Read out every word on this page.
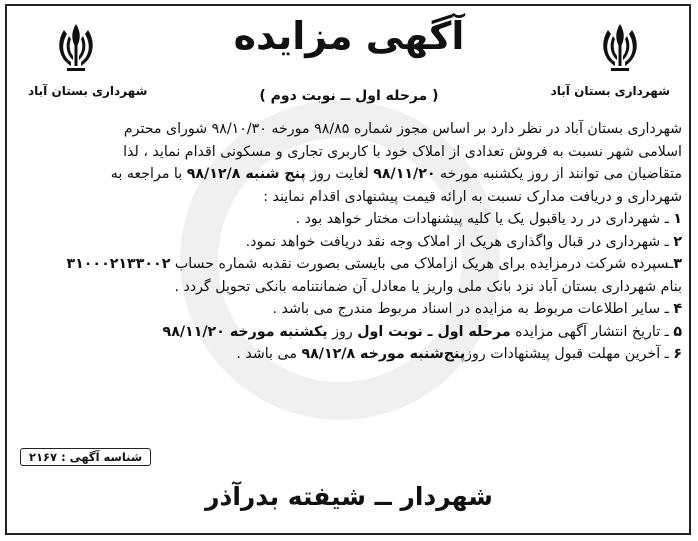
شهرداری بستان آباد
شهرداری بستان آباد
آگهی مزایده
( مرحله اول ــ نوبت دوم )

شهرداری بستان آباد در نظر دارد بر اساس مجوز شماره ۹۸/۸۵ مورخه ۹۸/۱۰/۳۰ شورای محترم

اسلامی شهر نسبت به فروش تعدادی از املاک خود با کاربری تجاری و مسکونی اقدام نماید ، لذا

متقاضیان می توانند از روز یکشنبه مورخه ۹۸/۱۱/۲۰ لغایت روز پنج شنبه ۹۸/۱۲/۸ با مراجعه به

شهرداری و دریافت مدارک نسبت به ارائه قیمت پیشنهادی اقدام نمایند :

۱ ـ شهرداری در رد یاقبول یک یا کلیه پیشنهادات مختار خواهد بود .
۲ ـ شهرداری در قبال واگذاری هریک از املاک وجه نقد دریافت خواهد نمود.
۳ـسپرده شرکت درمزایده برای هریک ازاملاک می بایستی بصورت نقدبه شماره حساب ۳۱۰۰۰۲۱۳۳۰۰۲
بنام شهرداری بستان آباد نزد بانک ملی واریز یا معادل آن ضمانتنامه بانکی تحویل گردد .
۴ ـ سایر اطلاعات مربوط به مزایده در اسناد مربوط مندرج می باشد .
۵ ـ تاریخ انتشار آگهی مزایده مرحله اول ـ نوبت اول روز یکشنبه مورخه ۹۸/۱۱/۲۰
۶ ـ آخرین مهلت قبول پیشنهادات روزپنج‌شنبه مورخه ۹۸/۱۲/۸ می باشد .
شناسه آگهی : ۲۱۶۷
شهردار ــ شیفته بدرآذر
